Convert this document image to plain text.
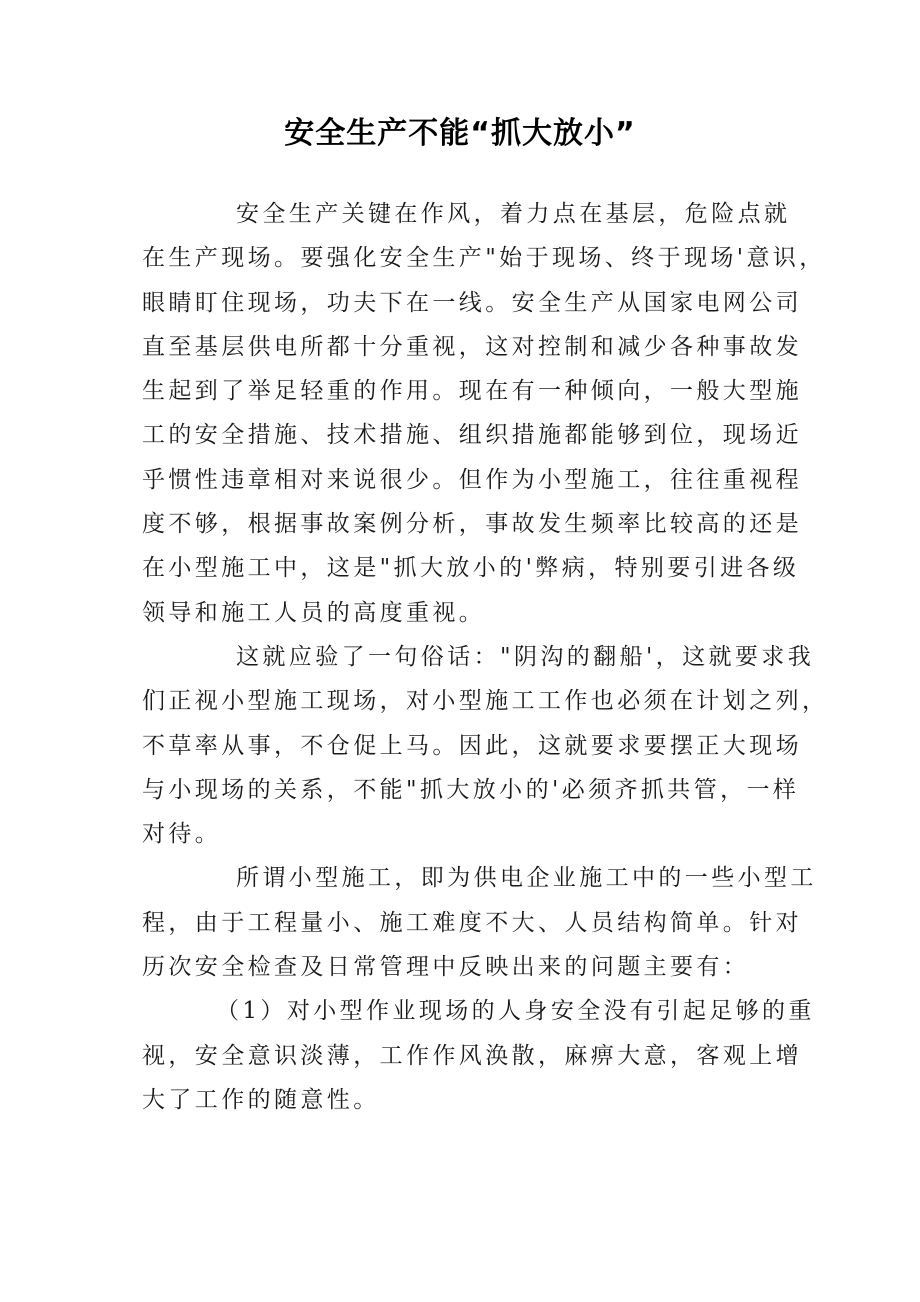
安全生产不能“抓大放小”
安全生产关键在作风，着力点在基层，危险点就
在生产现场。要强化安全生产"始于现场、终于现场'意识，
眼睛盯住现场，功夫下在一线。安全生产从国家电网公司
直至基层供电所都十分重视，这对控制和减少各种事故发
生起到了举足轻重的作用。现在有一种倾向，一般大型施
工的安全措施、技术措施、组织措施都能够到位，现场近
乎惯性违章相对来说很少。但作为小型施工，往往重视程
度不够，根据事故案例分析，事故发生频率比较高的还是
在小型施工中，这是"抓大放小的'弊病，特别要引进各级
领导和施工人员的高度重视。
这就应验了一句俗话："阴沟的翻船'，这就要求我
们正视小型施工现场，对小型施工工作也必须在计划之列，
不草率从事，不仓促上马。因此，这就要求要摆正大现场
与小现场的关系，不能"抓大放小的'必须齐抓共管，一样
对待。
所谓小型施工，即为供电企业施工中的一些小型工
程，由于工程量小、施工难度不大、人员结构简单。针对
历次安全检查及日常管理中反映出来的问题主要有：
（1）对小型作业现场的人身安全没有引起足够的重
视，安全意识淡薄，工作作风涣散，麻痹大意，客观上增
大了工作的随意性。
